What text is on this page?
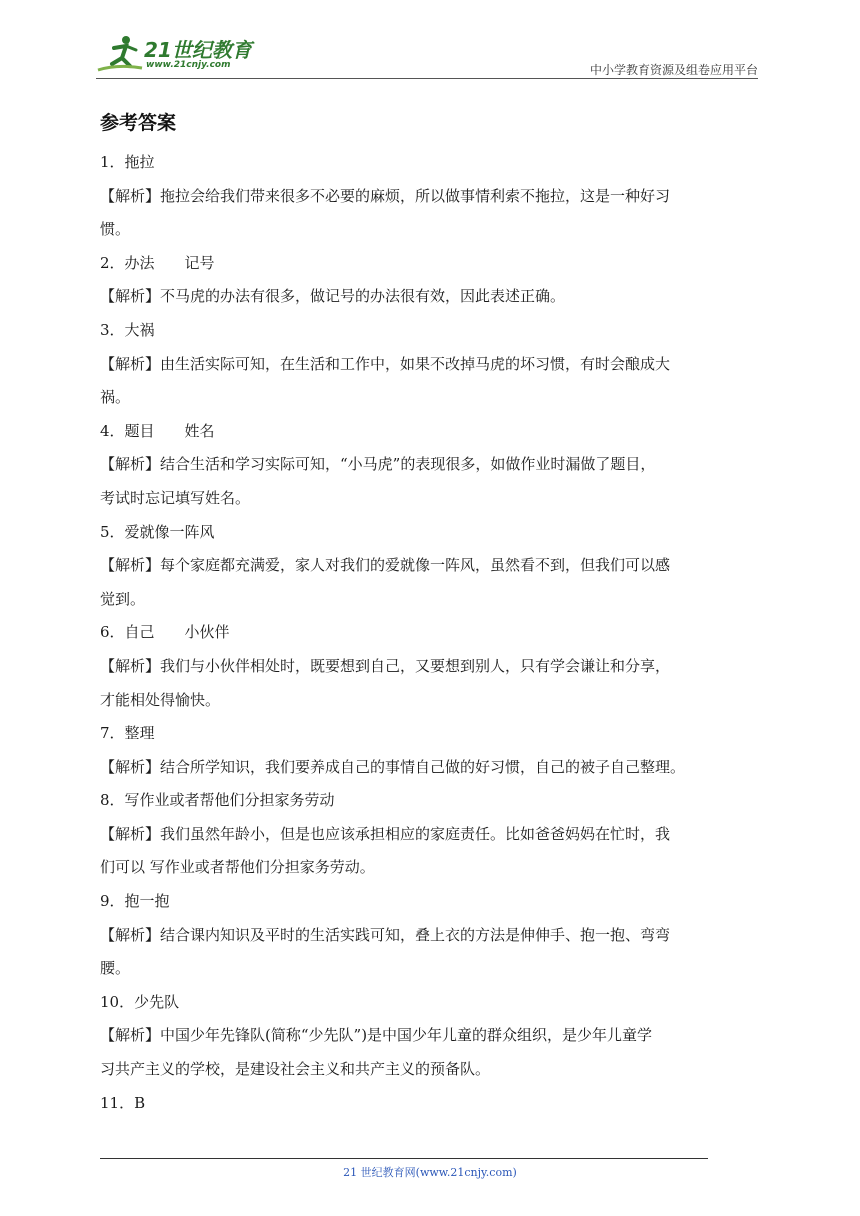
21世纪教育
www.21cnjy.com	中小学教育资源及组卷应用平台
参考答案
1．拖拉
【解析】拖拉会给我们带来很多不必要的麻烦，所以做事情利索不拖拉，这是一种好习
惯。
2．办法 记号
【解析】不马虎的办法有很多，做记号的办法很有效，因此表述正确。
3．大祸
【解析】由生活实际可知，在生活和工作中，如果不改掉马虎的坏习惯，有时会酿成大
祸。
4．题目 姓名
【解析】结合生活和学习实际可知，“小马虎”的表现很多，如做作业时漏做了题目，
考试时忘记填写姓名。
5．爱就像一阵风
【解析】每个家庭都充满爱，家人对我们的爱就像一阵风，虽然看不到，但我们可以感
觉到。
6．自己 小伙伴
【解析】我们与小伙伴相处时，既要想到自己，又要想到别人，只有学会谦让和分享，
才能相处得愉快。
7．整理
【解析】结合所学知识，我们要养成自己的事情自己做的好习惯，自己的被子自己整理。
8．写作业或者帮他们分担家务劳动
【解析】我们虽然年龄小，但是也应该承担相应的家庭责任。比如爸爸妈妈在忙时，我
们可以 写作业或者帮他们分担家务劳动。
9．抱一抱
【解析】结合课内知识及平时的生活实践可知，叠上衣的方法是伸伸手、抱一抱、弯弯
腰。
10．少先队
【解析】中国少年先锋队(简称“少先队”)是中国少年儿童的群众组织，是少年儿童学
习共产主义的学校，是建设社会主义和共产主义的预备队。
11．B
21 世纪教育网(www.21cnjy.com)
